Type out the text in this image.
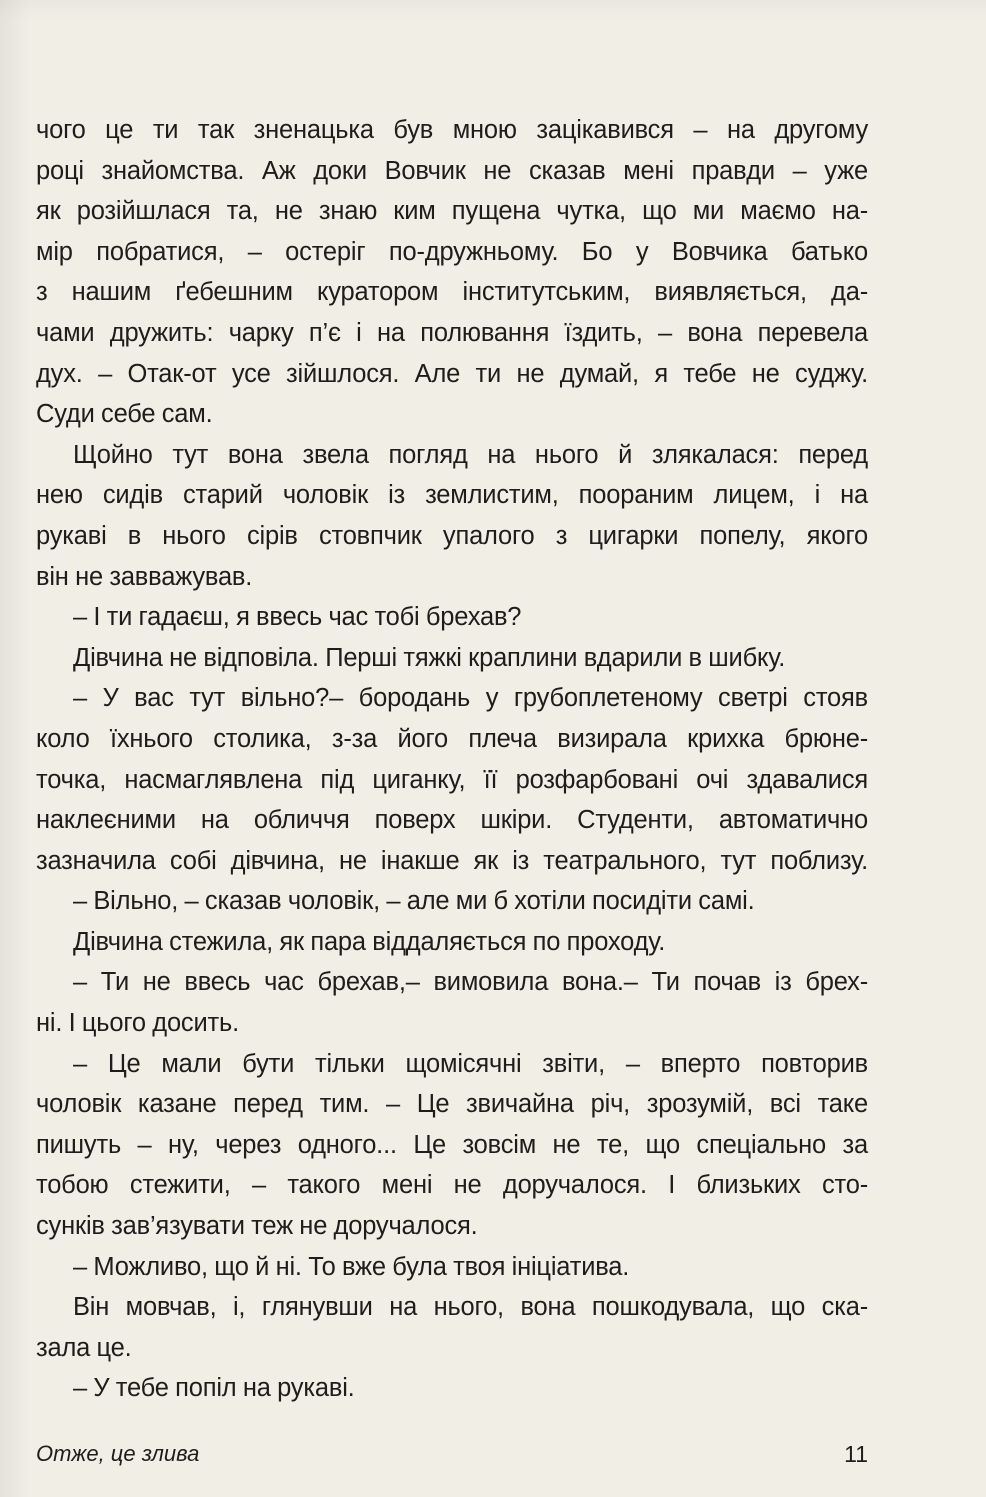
чого це ти так зненацька був мною зацікавився – на другому
році знайомства. Аж доки Вовчик не сказав мені правди – уже
як розійшлася та, не знаю ким пущена чутка, що ми маємо на-
мір побратися, – остеріг по-дружньому. Бо у Вовчика батько
з нашим ґебешним куратором інститутським, виявляється, да-
чами дружить: чарку п’є і на полювання їздить, – вона перевела
дух. – Отак-от усе зійшлося. Але ти не думай, я тебе не суджу.
Суди себе сам.
Щойно тут вона звела погляд на нього й злякалася: перед
нею сидів старий чоловік із землистим, пooраним лицем, і на
рукаві в нього сірів стовпчик упалого з цигарки попелу, якого
він не завважував.
– І ти гадаєш, я ввесь час тобі брехав?
Дівчина не відповіла. Перші тяжкі краплини вдарили в шибку.
– У вас тут вільно?– бородань у грубоплетеному светрі стояв
коло їхнього столика, з-за його плеча визирала крихка брюне-
точка, насмаглявлена під циганку, її розфарбовані очі здавалися
наклеєними на обличчя поверх шкіри. Студенти, автоматично
зазначила собі дівчина, не інакше як із театрального, тут поблизу.
– Вільно, – сказав чоловік, – але ми б хотіли посидіти самі.
Дівчина стежила, як пара віддаляється по проходу.
– Ти не ввесь час брехав,– вимовила вона.– Ти почав із брех-
ні. І цього досить.
– Це мали бути тільки щомісячні звіти, – вперто повторив
чоловік казане перед тим. – Це звичайна річ, зрозумій, всі таке
пишуть – ну, через одного... Це зовсім не те, що спеціально за
тобою стежити, – такого мені не доручалося. І близьких сто-
сунків зав’язувати теж не доручалося.
– Можливо, що й ні. То вже була твоя ініціатива.
Він мовчав, і, глянувши на нього, вона пошкодувала, що ска-
зала це.
– У тебе попіл на рукаві.
Отже, це злива	11
